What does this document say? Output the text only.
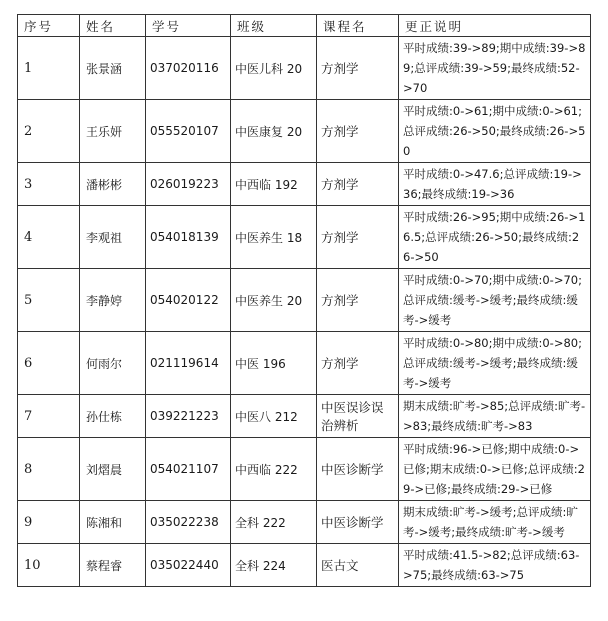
序号	姓名	学号	班级	课程名	更正说明
1	张景涵	037020116	中医儿科 20	方剂学	平时成绩:39->89;期中成绩:39->89;总评成绩:39->59;最终成绩:52->70
2	王乐妍	055520107	中医康复 20	方剂学	平时成绩:0->61;期中成绩:0->61;总评成绩:26->50;最终成绩:26->50
3	潘彬彬	026019223	中西临 192	方剂学	平时成绩:0->47.6;总评成绩:19->36;最终成绩:19->36
4	李观祖	054018139	中医养生 18	方剂学	平时成绩:26->95;期中成绩:26->16.5;总评成绩:26->50;最终成绩:26->50
5	李静婷	054020122	中医养生 20	方剂学	平时成绩:0->70;期中成绩:0->70;总评成绩:缓考->缓考;最终成绩:缓考->缓考
6	何雨尔	021119614	中医 196	方剂学	平时成绩:0->80;期中成绩:0->80;总评成绩:缓考->缓考;最终成绩:缓考->缓考
7	孙仕栋	039221223	中医八 212	中医误诊误治辨析	期末成绩:旷考->85;总评成绩:旷考->83;最终成绩:旷考->83
8	刘熠晨	054021107	中西临 222	中医诊断学	平时成绩:96->已修;期中成绩:0->已修;期末成绩:0->已修;总评成绩:29->已修;最终成绩:29->已修
9	陈湘和	035022238	全科 222	中医诊断学	期末成绩:旷考->缓考;总评成绩:旷考->缓考;最终成绩:旷考->缓考
10	蔡程睿	035022440	全科 224	医古文	平时成绩:41.5->82;总评成绩:63->75;最终成绩:63->75
